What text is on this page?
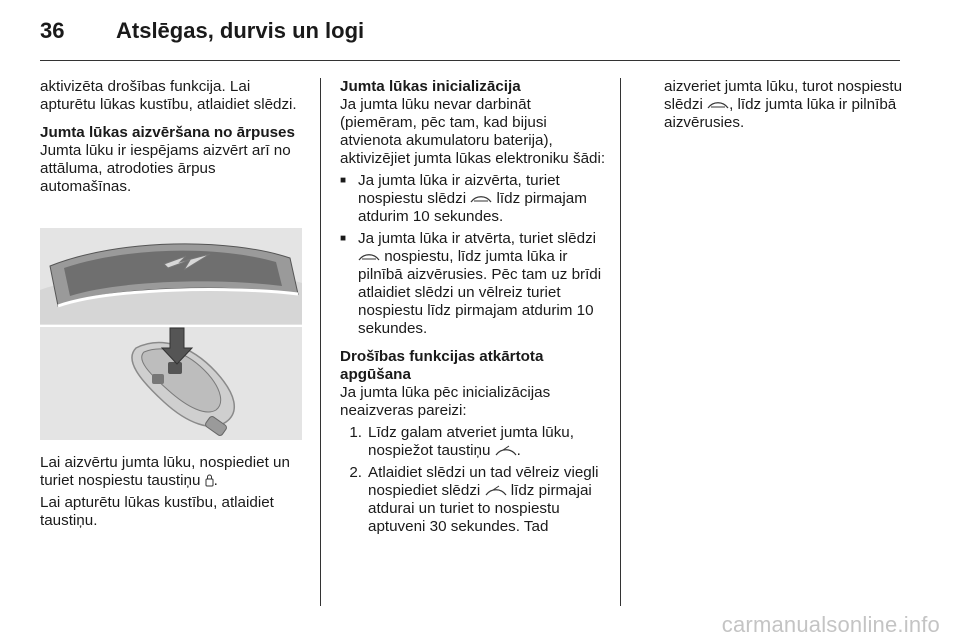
36 Atslēgas, durvis un logi

aktivizēta drošības funkcija. Lai apturētu lūkas kustību, atlaidiet slēdzi.

Jumta lūkas aizvēršana no ārpuses

Jumta lūku ir iespējams aizvērt arī no attāluma, atrodoties ārpus automašīnas.

Lai aizvērtu jumta lūku, nospiediet un turiet nospiestu taustiņu .

Lai apturētu lūkas kustību, atlaidiet taustiņu.

Jumta lūkas inicializācija

Ja jumta lūku nevar darbināt (piemēram, pēc tam, kad bijusi atvienota akumulatoru baterija), aktivizējiet jumta lūkas elektroniku šādi:

■ Ja jumta lūka ir aizvērta, turiet nospiestu slēdzi līdz pirmajam atdurim 10 sekundes.
■ Ja jumta lūka ir atvērta, turiet slēdzi
nospiestu, līdz jumta lūka ir pilnībā aizvērusies. Pēc tam uz brīdi atlaidiet slēdzi un vēlreiz turiet nospiestu līdz pirmajam atdurim 10 sekundes.

Drošības funkcijas atkārtota apgūšana

Ja jumta lūka pēc inicializācijas neaizveras pareizi:

1. Līdz galam atveriet jumta lūku, nospiežot taustiņu .
2. Atlaidiet slēdzi un tad vēlreiz viegli nospiediet slēdzi līdz pirmajai atdurai un turiet to nospiestu aptuveni 30 sekundes. Tad

aizveriet jumta lūku, turot nospiestu slēdzi , līdz jumta lūka ir pilnībā aizvērusies.

carmanualsonline.info
